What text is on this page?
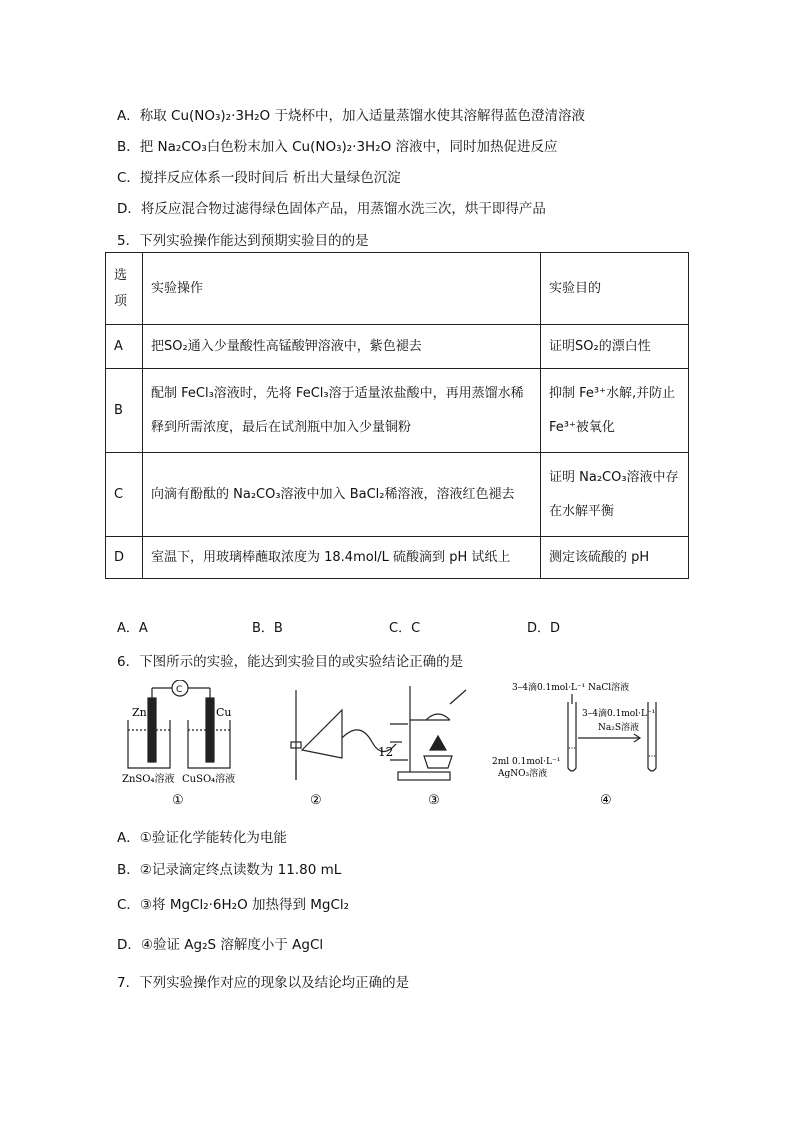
A．称取 Cu(NO₃)₂·3H₂O 于烧杯中，加入适量蒸馏水使其溶解得蓝色澄清溶液
B．把 Na₂CO₃白色粉末加入 Cu(NO₃)₂·3H₂O 溶液中，同时加热促进反应
C．搅拌反应体系一段时间后 析出大量绿色沉淀
D．将反应混合物过滤得绿色固体产品，用蒸馏水洗三次，烘干即得产品
5．下列实验操作能达到预期实验目的的是
选项	实验操作	实验目的
A	把SO₂通入少量酸性高锰酸钾溶液中，紫色褪去	证明SO₂的漂白性
B	配制 FeCl₃溶液时，先将 FeCl₃溶于适量浓盐酸中，再用蒸馏水稀释到所需浓度，最后在试剂瓶中加入少量铜粉	抑制 Fe³⁺水解,并防止 Fe³⁺被氧化
C	向滴有酚酞的 Na₂CO₃溶液中加入 BaCl₂稀溶液，溶液红色褪去	证明 Na₂CO₃溶液中存在水解平衡
D	室温下，用玻璃棒蘸取浓度为 18.4mol/L 硫酸滴到 pH 试纸上	测定该硫酸的 pH
A．A	B．B	C．C	D．D
6．下图所示的实验，能达到实验目的或实验结论正确的是
C
Zn	Cu
ZnSO₄溶液 CuSO₄溶液
①
12
②	③
3–4滴0.1mol·L⁻¹ NaCl溶液
3–4滴0.1mol·L⁻¹
Na₂S溶液
2ml 0.1mol·L⁻¹
AgNO₃溶液
④
A．①验证化学能转化为电能
B．②记录滴定终点读数为 11.80 mL
C．③将 MgCl₂·6H₂O 加热得到 MgCl₂
D．④验证 Ag₂S 溶解度小于 AgCl
7．下列实验操作对应的现象以及结论均正确的是
